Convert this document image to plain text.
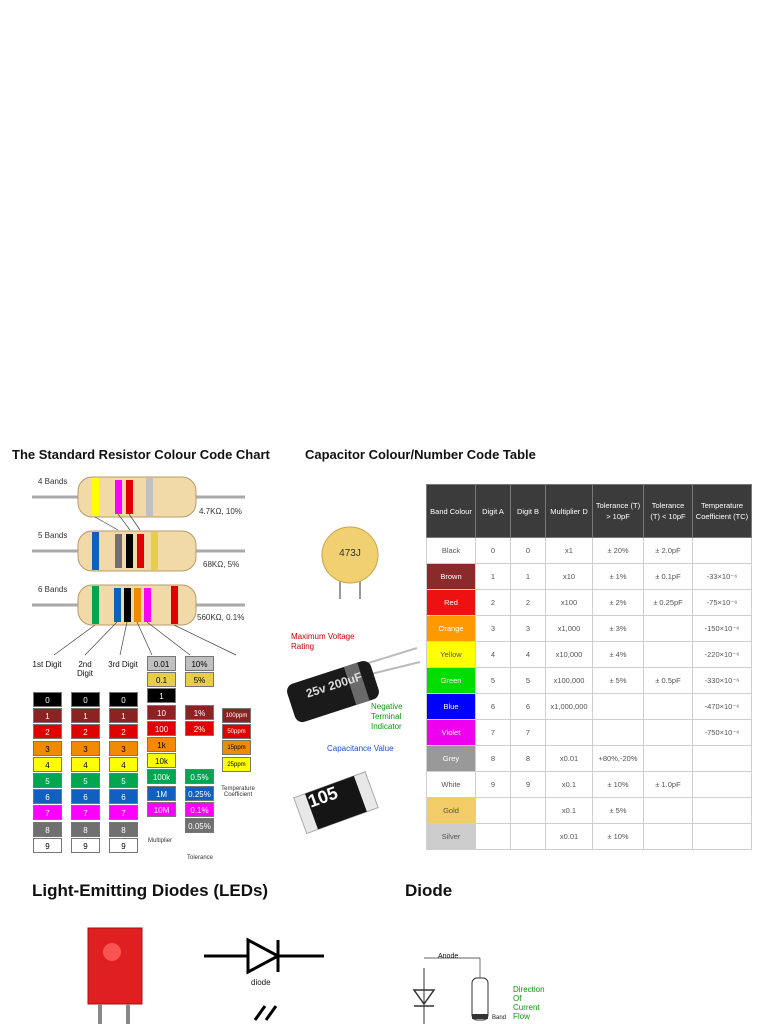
The Standard Resistor Colour Code Chart	Capacitor Colour/Number Code Table
Light-Emitting Diodes (LEDs)	Diode
4 Bands
5 Bands
6 Bands
4.7KΩ, 10%
68KΩ, 5%
560KΩ, 0.1%
1st Digit	2nd Digit
3rd Digit
0
1
2
3
4
5
6
7
8
9
0
1
2
3
4
5
6
7
8
9
0
1
2
3
4
5
6
7
8
9
0.01
0.1
1
10
100
1k
10k
100k
1M
10M
10%
5%
1%
2%
0.5%
0.25%
0.1%
0.05%
100ppm
50ppm
15ppm
25ppm
Multiplier
Tolerance
Temperature Coefficient
473J
25v 200uF
Maximum Voltage Rating
Negative Terminal Indicator
Capacitance Value
105
Band Colour	Digit A	Digit B	Multiplier D	Tolerance (T) > 10pF	Tolerance (T) < 10pF	Temperature Coefficient (TC)
Black	0	0	x1	± 20%	± 2.0pF	
Brown	1	1	x10	± 1%	± 0.1pF	-33×10⁻⁶
Red	2	2	x100	± 2%	± 0.25pF	-75×10⁻⁶
Orange	3	3	x1,000	± 3%		-150×10⁻⁶
Yellow	4	4	x10,000	± 4%		-220×10⁻⁶
Green	5	5	x100,000	± 5%	± 0.5pF	-330×10⁻⁶
Blue	6	6	x1,000,000			-470×10⁻⁶
Violet	7	7				-750×10⁻⁶
Grey	8	8	x0.01	+80%,-20%		
White	9	9	x0.1	± 10%	± 1.0pF	
Gold			x0.1	± 5%		
Silver			x0.01	± 10%		
diode
Anode
Band
Direction
Of
Current
Flow
